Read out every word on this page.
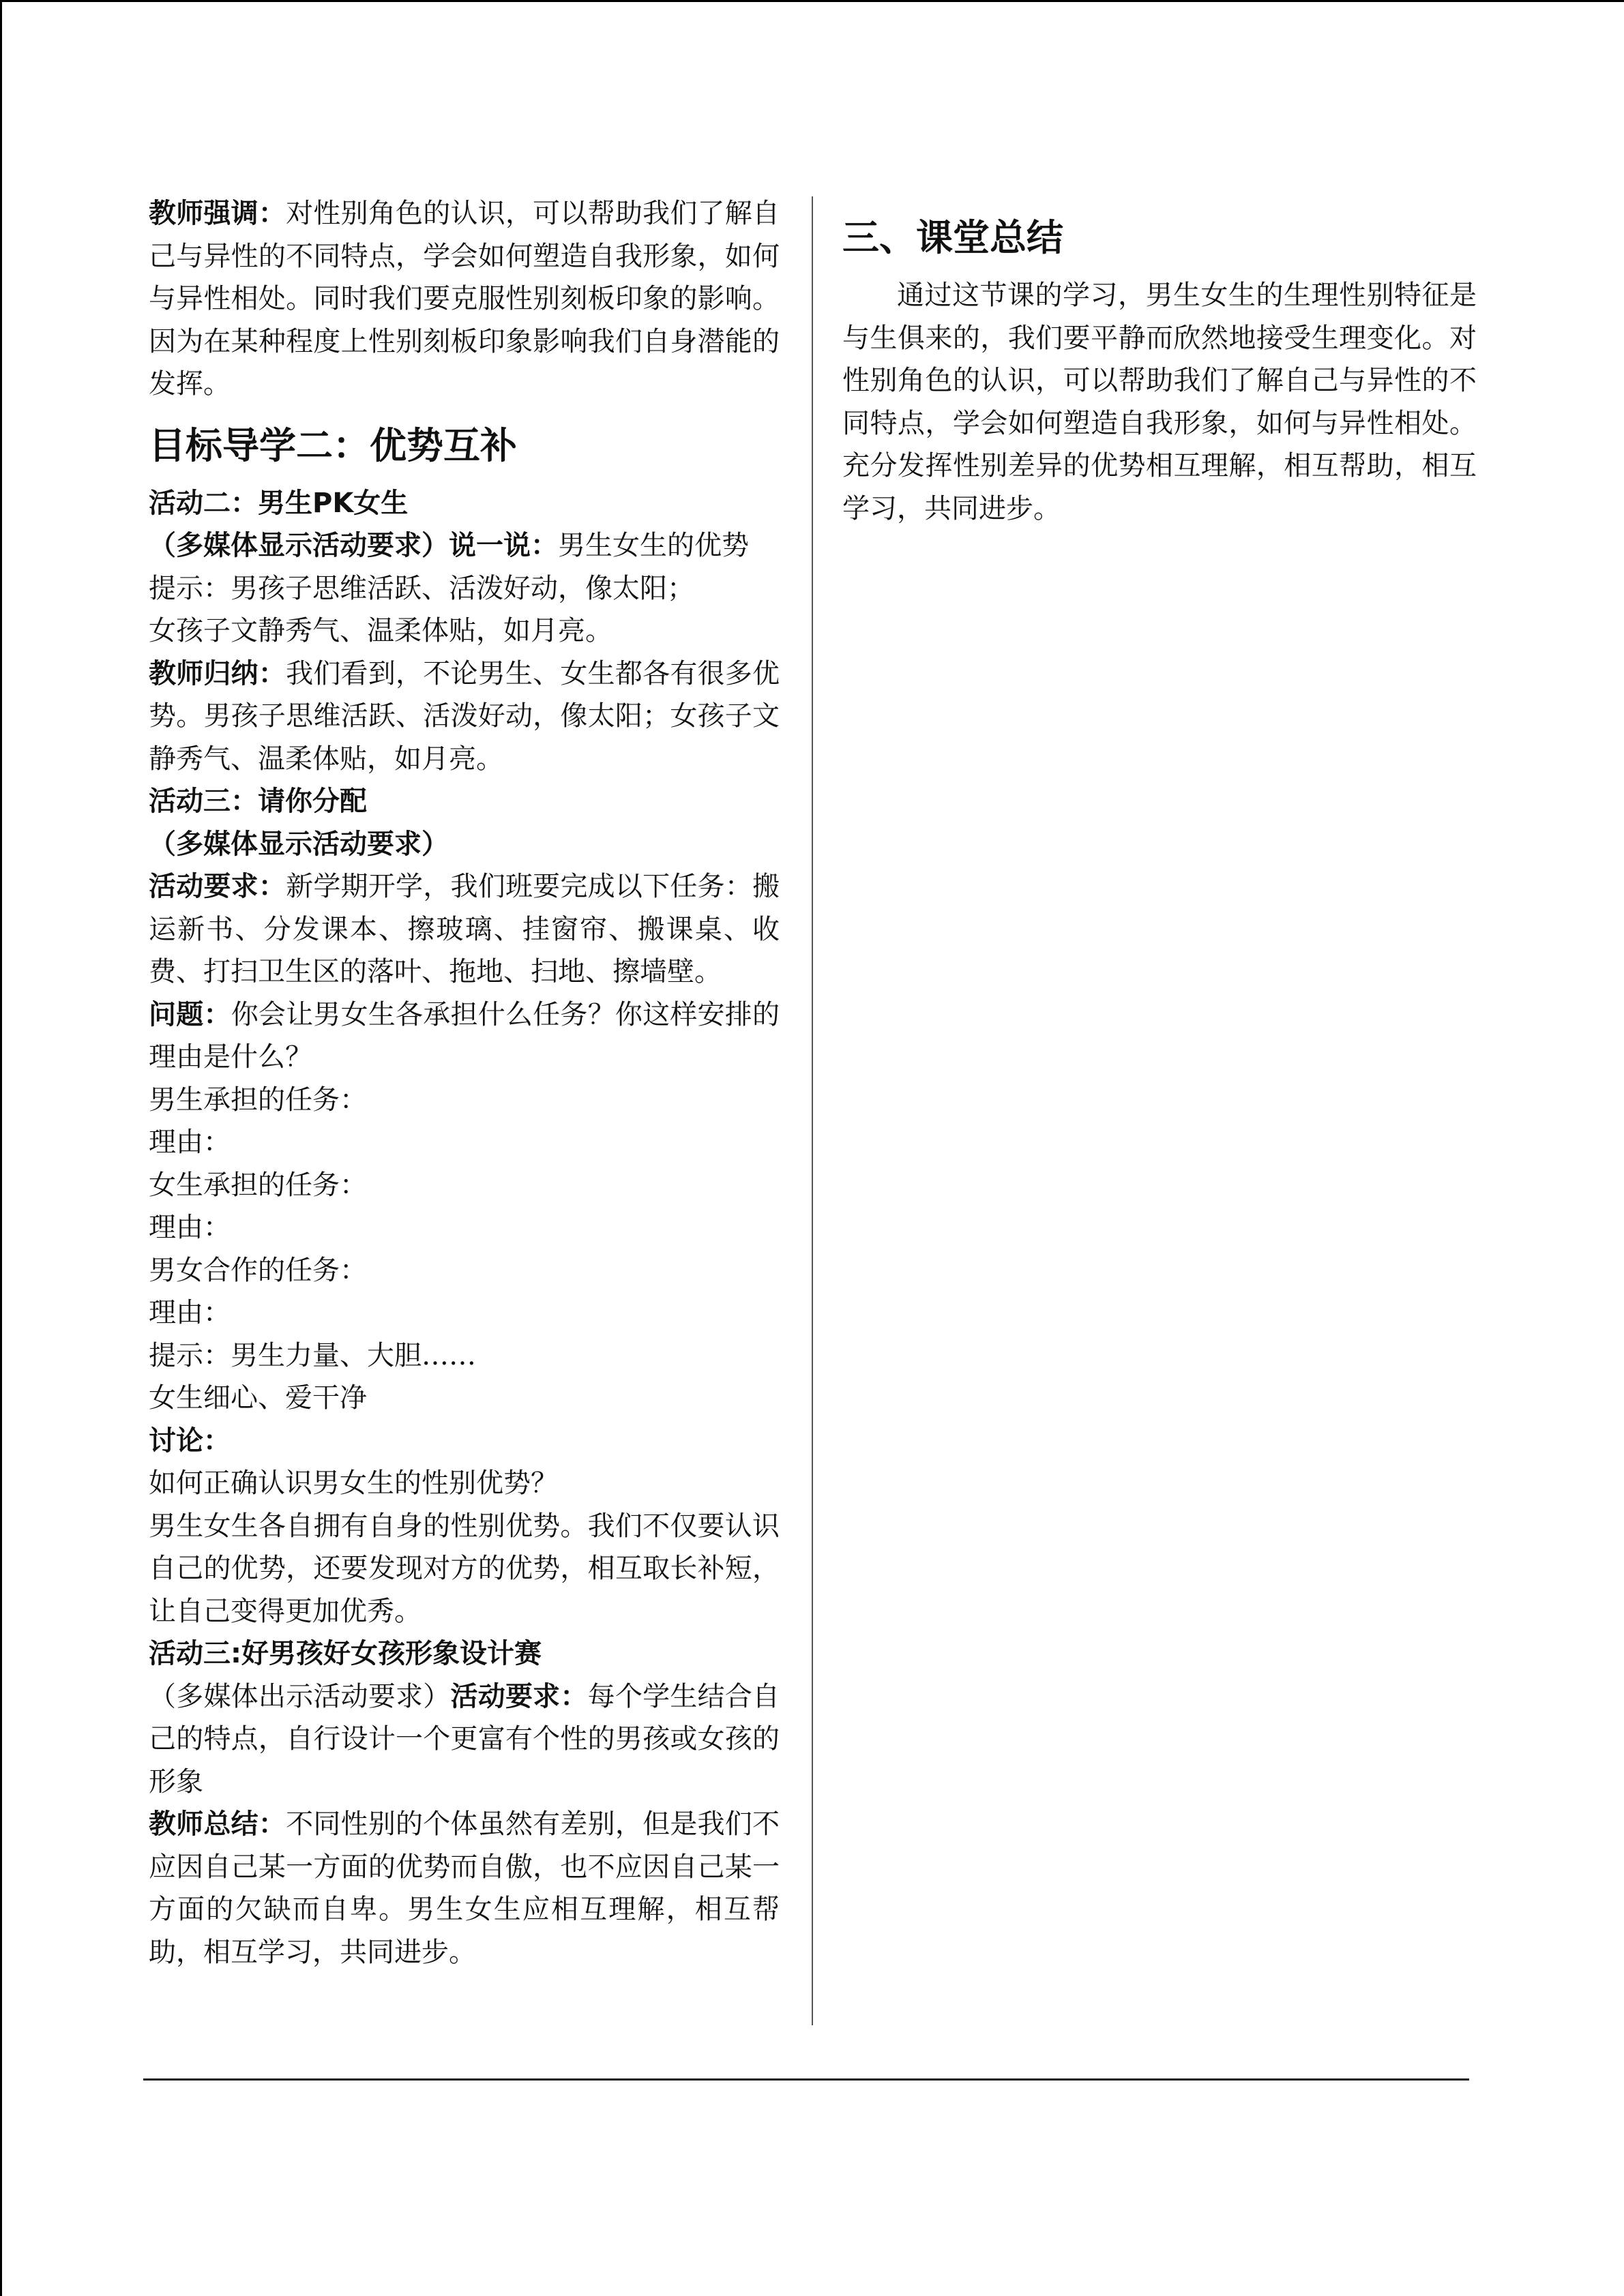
教师强调：对性别角色的认识，可以帮助我们了解自己与异性的不同特点，学会如何塑造自我形象，如何与异性相处。同时我们要克服性别刻板印象的影响。因为在某种程度上性别刻板印象影响我们自身潜能的发挥。

目标导学二：优势互补

活动二：男生PK女生

（多媒体显示活动要求）说一说：男生女生的优势

提示：男孩子思维活跃、活泼好动，像太阳；

女孩子文静秀气、温柔体贴，如月亮。

教师归纳：我们看到，不论男生、女生都各有很多优势。男孩子思维活跃、活泼好动，像太阳；女孩子文静秀气、温柔体贴，如月亮。

活动三：请你分配

（多媒体显示活动要求）

活动要求：新学期开学，我们班要完成以下任务：搬运新书、分发课本、擦玻璃、挂窗帘、搬课桌、收费、打扫卫生区的落叶、拖地、扫地、擦墙壁。

问题：你会让男女生各承担什么任务？你这样安排的理由是什么？

男生承担的任务：

理由：

女生承担的任务：

理由：

男女合作的任务：

理由：

提示：男生力量、大胆……

女生细心、爱干净

讨论：

如何正确认识男女生的性别优势？

男生女生各自拥有自身的性别优势。我们不仅要认识自己的优势，还要发现对方的优势，相互取长补短，让自己变得更加优秀。

活动三:好男孩好女孩形象设计赛

（多媒体出示活动要求）活动要求：每个学生结合自己的特点，自行设计一个更富有个性的男孩或女孩的形象

教师总结：不同性别的个体虽然有差别，但是我们不应因自己某一方面的优势而自傲，也不应因自己某一方面的欠缺而自卑。男生女生应相互理解，相互帮助，相互学习，共同进步。

三、课堂总结

通过这节课的学习，男生女生的生理性别特征是与生俱来的，我们要平静而欣然地接受生理变化。对性别角色的认识，可以帮助我们了解自己与异性的不同特点，学会如何塑造自我形象，如何与异性相处。充分发挥性别差异的优势相互理解，相互帮助，相互学习，共同进步。
